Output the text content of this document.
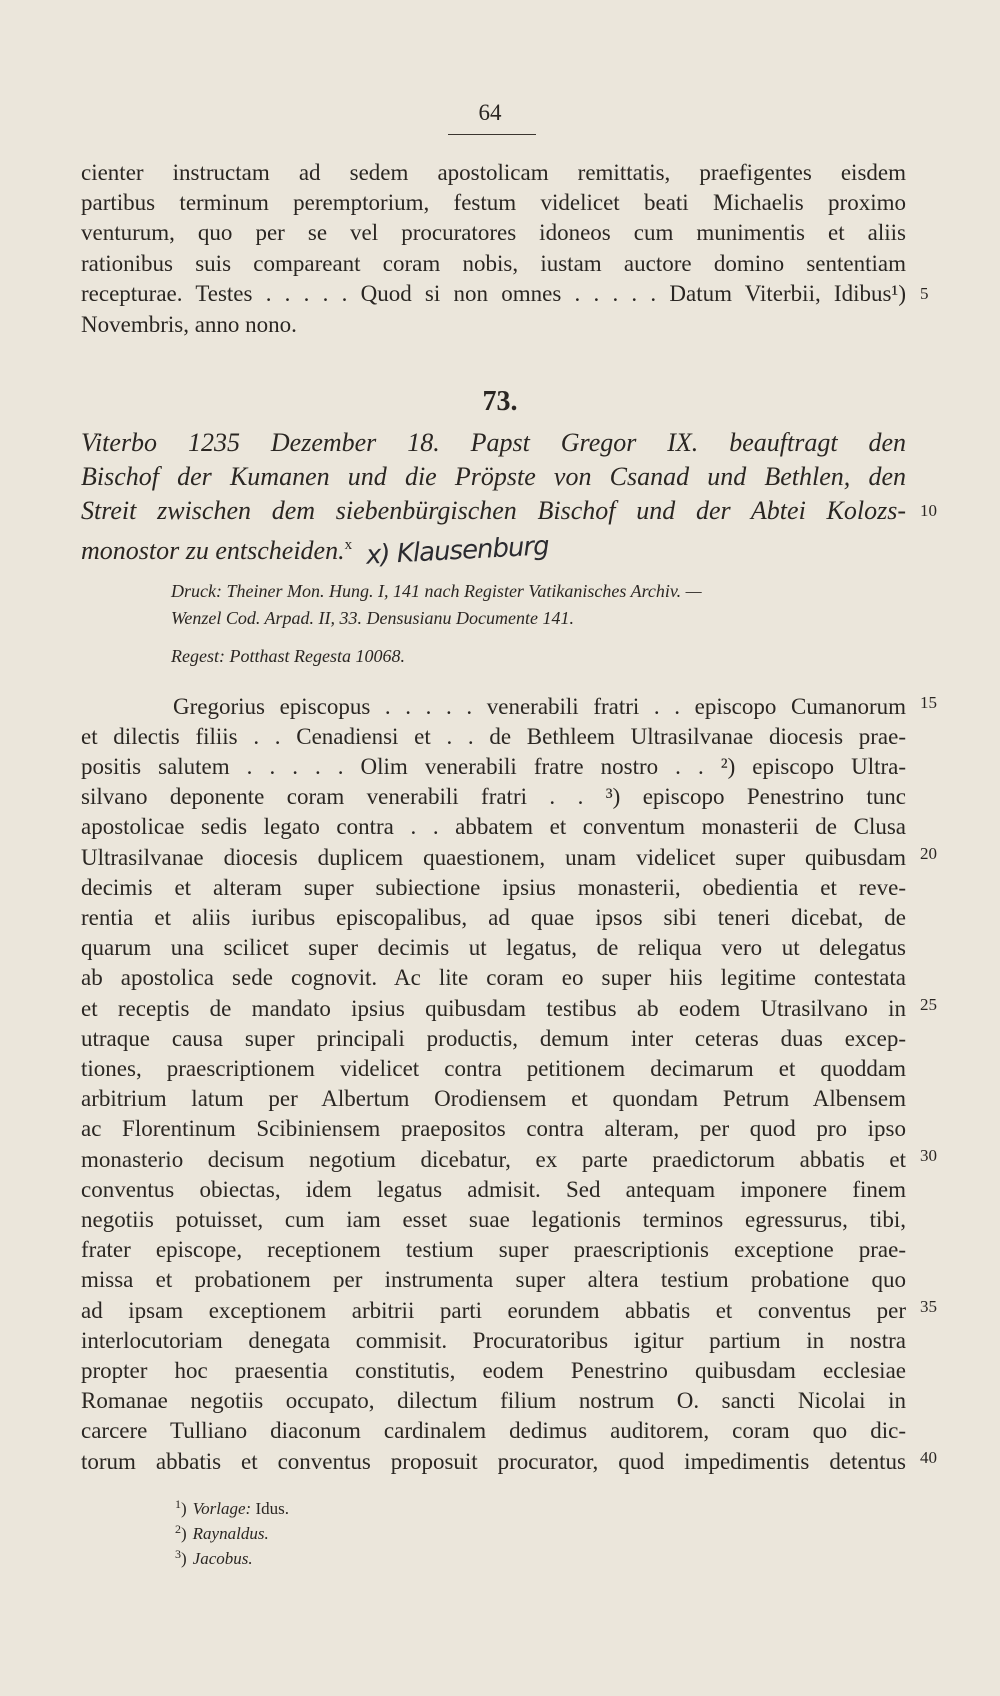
64
cienter instructam ad sedem apostolicam remittatis, praefigentes eisdem
partibus terminum peremptorium, festum videlicet beati Michaelis proximo
venturum, quo per se vel procuratores idoneos cum munimentis et aliis
rationibus suis compareant coram nobis, iustam auctore domino sententiam
recepturae. Testes . . . . . Quod si non omnes . . . . . Datum Viterbii, Idibus¹)
Novembris, anno nono.
5
73.
Viterbo 1235 Dezember 18. Papst Gregor IX. beauftragt den
Bischof der Kumanen und die Pröpste von Csanad und Bethlen, den
Streit zwischen dem siebenbürgischen Bischof und der Abtei Kolozs-
monostor zu entscheiden.$^x$ x) Klausenburg
10
Druck: Theiner Mon. Hung. I, 141 nach Register Vatikanisches Archiv. —
Wenzel Cod. Arpad. II, 33. Densusianu Documente 141.
Regest: Potthast Regesta 10068.
Gregorius episcopus . . . . . venerabili fratri . . episcopo Cumanorum
et dilectis filiis . . Cenadiensi et . . de Bethleem Ultrasilvanae diocesis prae-
positis salutem . . . . . Olim venerabili fratre nostro . . ²) episcopo Ultra-
silvano deponente coram venerabili fratri . . ³) episcopo Penestrino tunc
apostolicae sedis legato contra . . abbatem et conventum monasterii de Clusa
Ultrasilvanae diocesis duplicem quaestionem, unam videlicet super quibusdam
decimis et alteram super subiectione ipsius monasterii, obedientia et reve-
rentia et aliis iuribus episcopalibus, ad quae ipsos sibi teneri dicebat, de
quarum una scilicet super decimis ut legatus, de reliqua vero ut delegatus
ab apostolica sede cognovit. Ac lite coram eo super hiis legitime contestata
et receptis de mandato ipsius quibusdam testibus ab eodem Utrasilvano in
utraque causa super principali productis, demum inter ceteras duas excep-
tiones, praescriptionem videlicet contra petitionem decimarum et quoddam
arbitrium latum per Albertum Orodiensem et quondam Petrum Albensem
ac Florentinum Scibiniensem praepositos contra alteram, per quod pro ipso
monasterio decisum negotium dicebatur, ex parte praedictorum abbatis et
conventus obiectas, idem legatus admisit. Sed antequam imponere finem
negotiis potuisset, cum iam esset suae legationis terminos egressurus, tibi,
frater episcope, receptionem testium super praescriptionis exceptione prae-
missa et probationem per instrumenta super altera testium probatione quo
ad ipsam exceptionem arbitrii parti eorundem abbatis et conventus per
interlocutoriam denegata commisit. Procuratoribus igitur partium in nostra
propter hoc praesentia constitutis, eodem Penestrino quibusdam ecclesiae
Romanae negotiis occupato, dilectum filium nostrum O. sancti Nicolai in
carcere Tulliano diaconum cardinalem dedimus auditorem, coram quo dic-
torum abbatis et conventus proposuit procurator, quod impedimentis detentus
15
20
25
30
35
40
$^1$) Vorlage: Idus.
$^2$) Raynaldus.
$^3$) Jacobus.
